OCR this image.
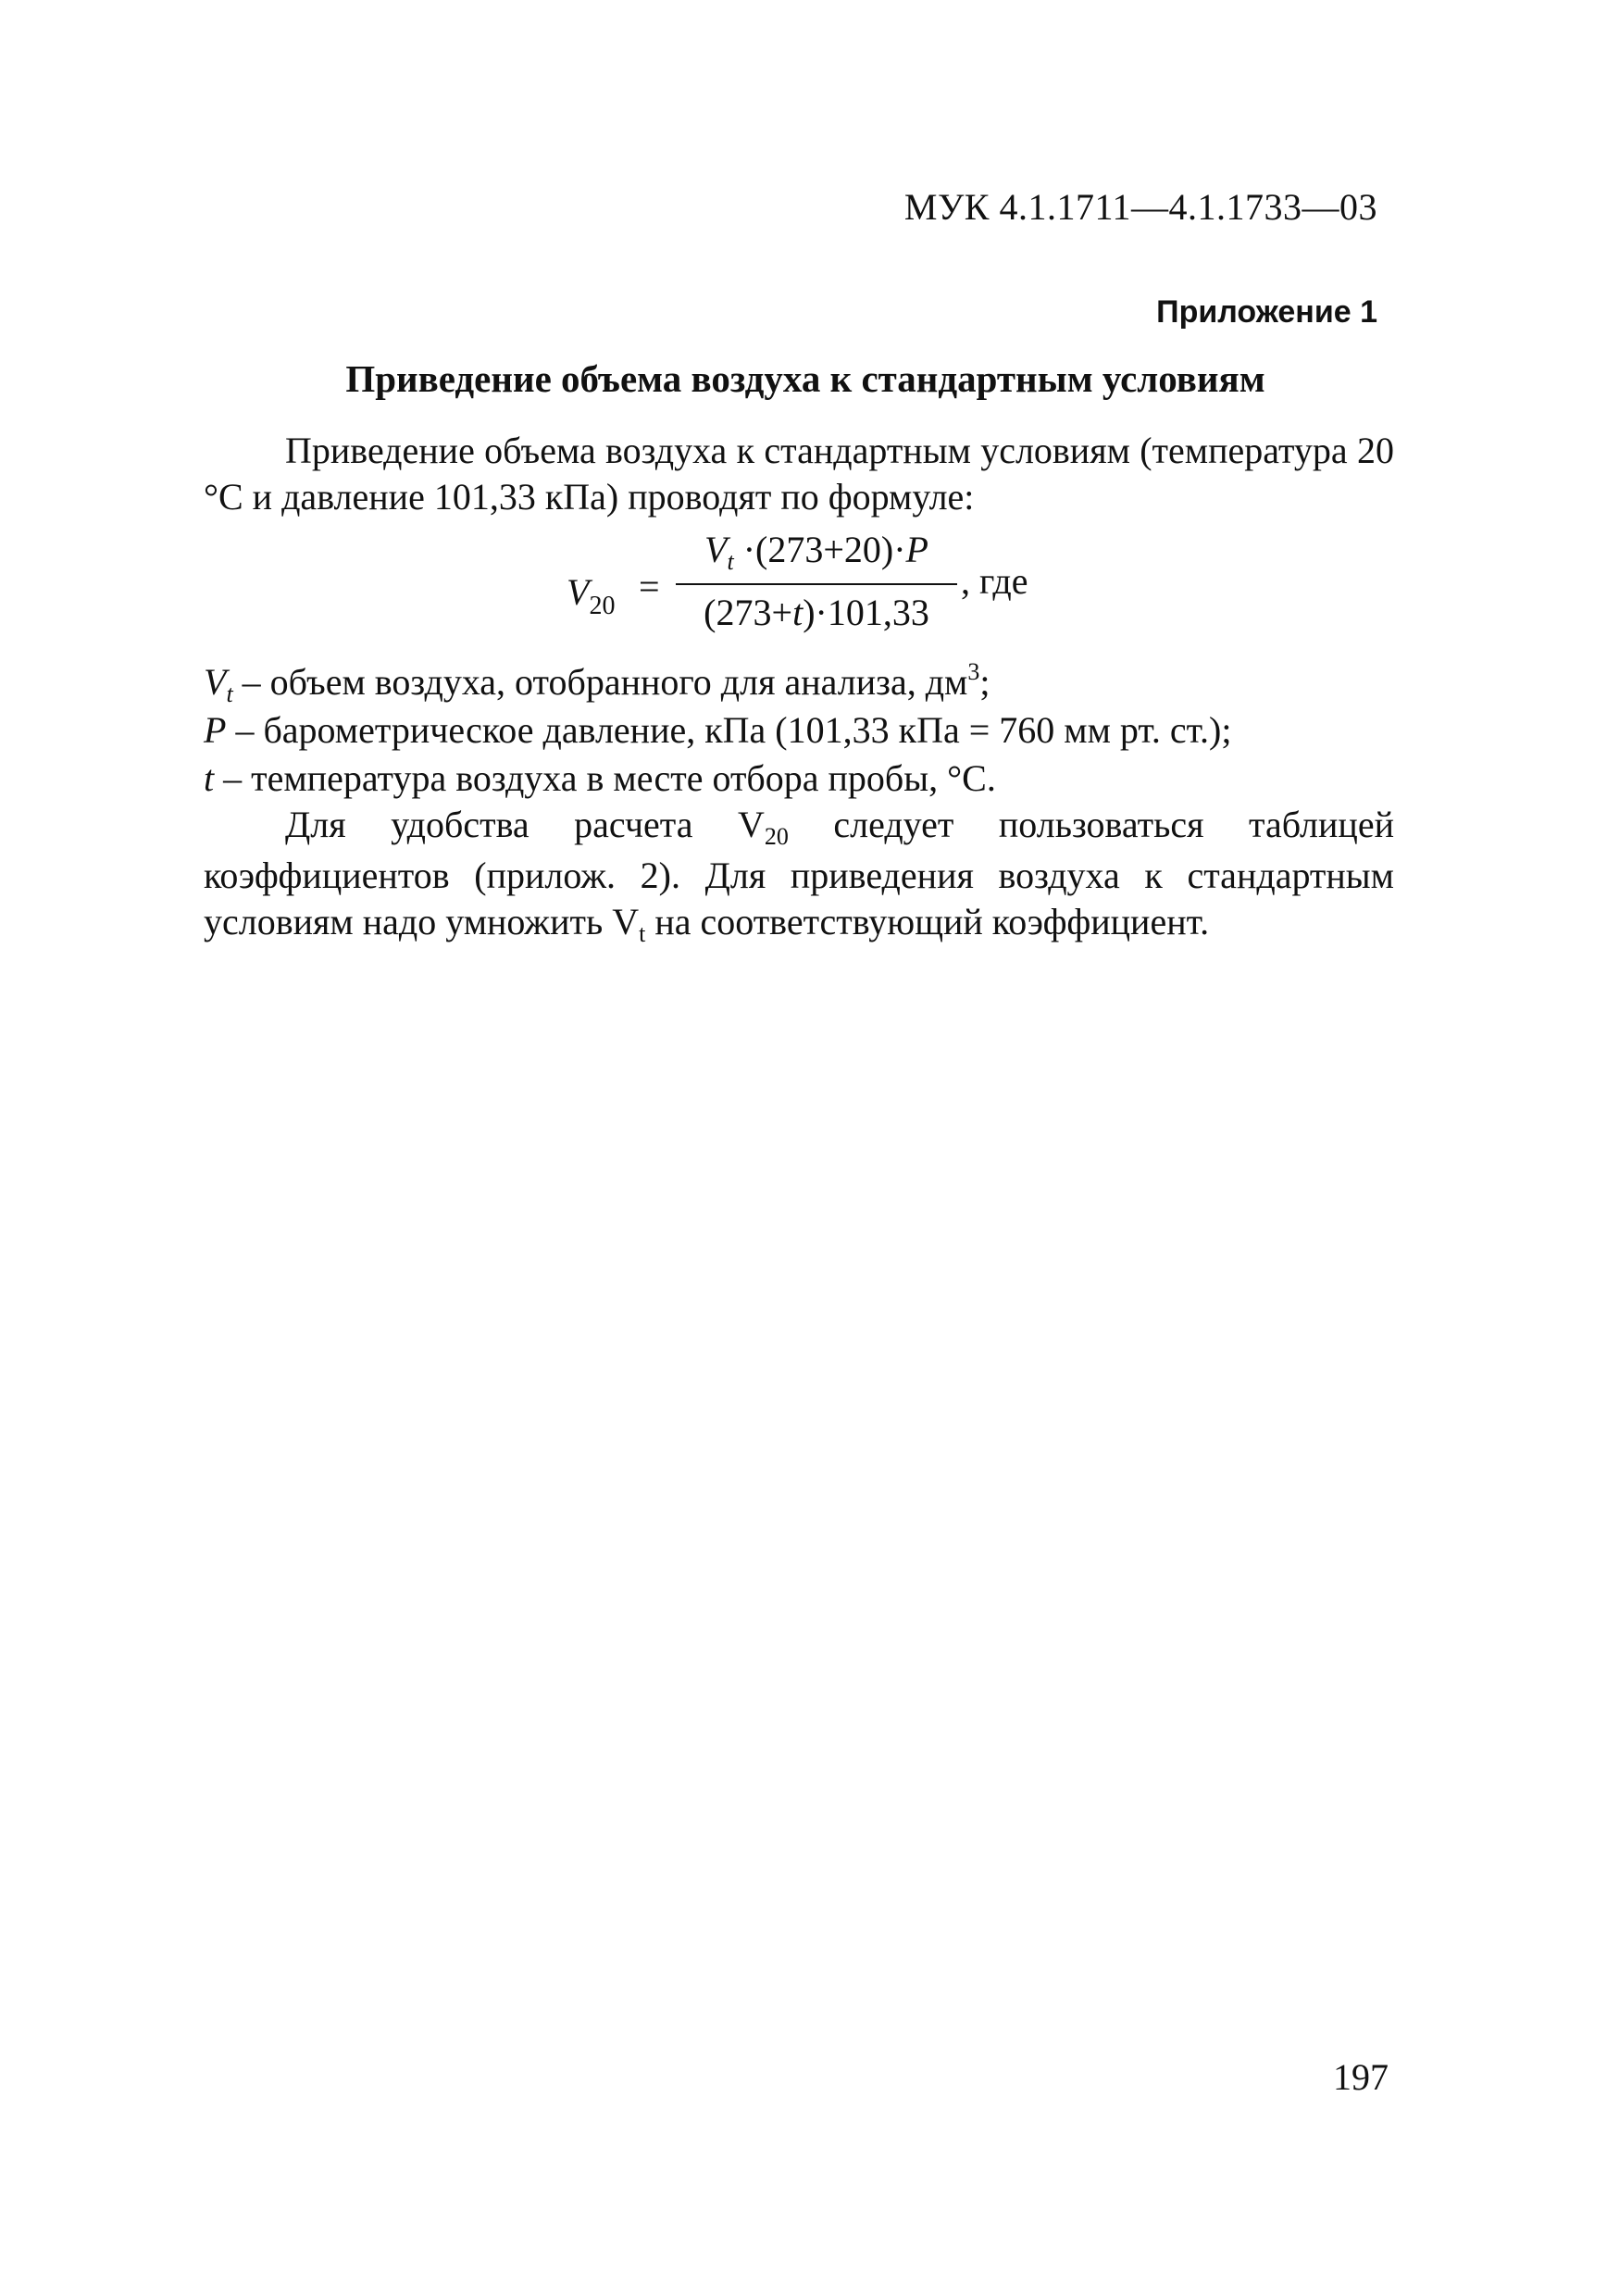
МУК 4.1.1711—4.1.1733—03
Приложение 1
Приведение объема воздуха к стандартным условиям
Приведение объема воздуха к стандартным условиям (температура 20 °С и давление 101,33 кПа) проводят по формуле:
$V_{20}$ =
$V_t \cdot(273+20)\cdot P$
(273+t)·101,33
, где
$V_t$ – объем воздуха, отобранного для анализа, $дм^3$;
P – барометрическое давление, кПа (101,33 кПа = 760 мм рт. ст.);
t – температура воздуха в месте отбора пробы, °С.
Для удобства расчета $V_{20}$ следует пользоваться таблицей коэффициентов (прилож. 2). Для приведения воздуха к стандартным условиям надо умножить $V_t$ на соответствующий коэффициент.
197
